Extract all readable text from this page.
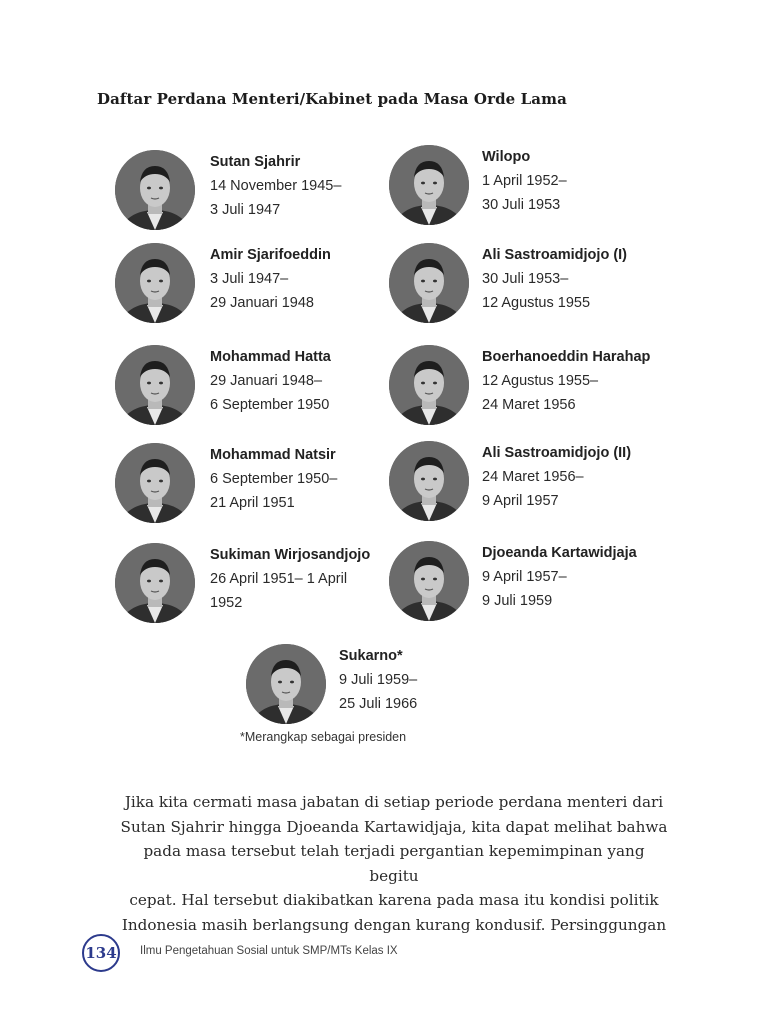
Daftar Perdana Menteri/Kabinet pada Masa Orde Lama
Sutan Sjahrir
14 November 1945–
3 Juli 1947
Amir Sjarifoeddin
3 Juli 1947–
29 Januari 1948
Mohammad Hatta
29 Januari 1948–
6 September 1950
Mohammad Natsir
6 September 1950–
21 April 1951
Sukiman Wirjosandjojo
26 April 1951– 1 April
1952
Wilopo
1 April 1952–
30 Juli 1953
Ali Sastroamidjojo (I)
30 Juli 1953–
12 Agustus 1955
Boerhanoeddin Harahap
12 Agustus 1955–
24 Maret 1956
Ali Sastroamidjojo (II)
24 Maret 1956–
9 April 1957
Djoeanda Kartawidjaja
9 April 1957–
9 Juli 1959
Sukarno*
9 Juli 1959–
25 Juli 1966
*Merangkap sebagai presiden
Jika kita cermati masa jabatan di setiap periode perdana menteri dari
Sutan Sjahrir hingga Djoeanda Kartawidjaja, kita dapat melihat bahwa
pada masa tersebut telah terjadi pergantian kepemimpinan yang begitu
cepat. Hal tersebut diakibatkan karena pada masa itu kondisi politik
Indonesia masih berlangsung dengan kurang kondusif. Persinggungan
134 Ilmu Pengetahuan Sosial untuk SMP/MTs Kelas IX
